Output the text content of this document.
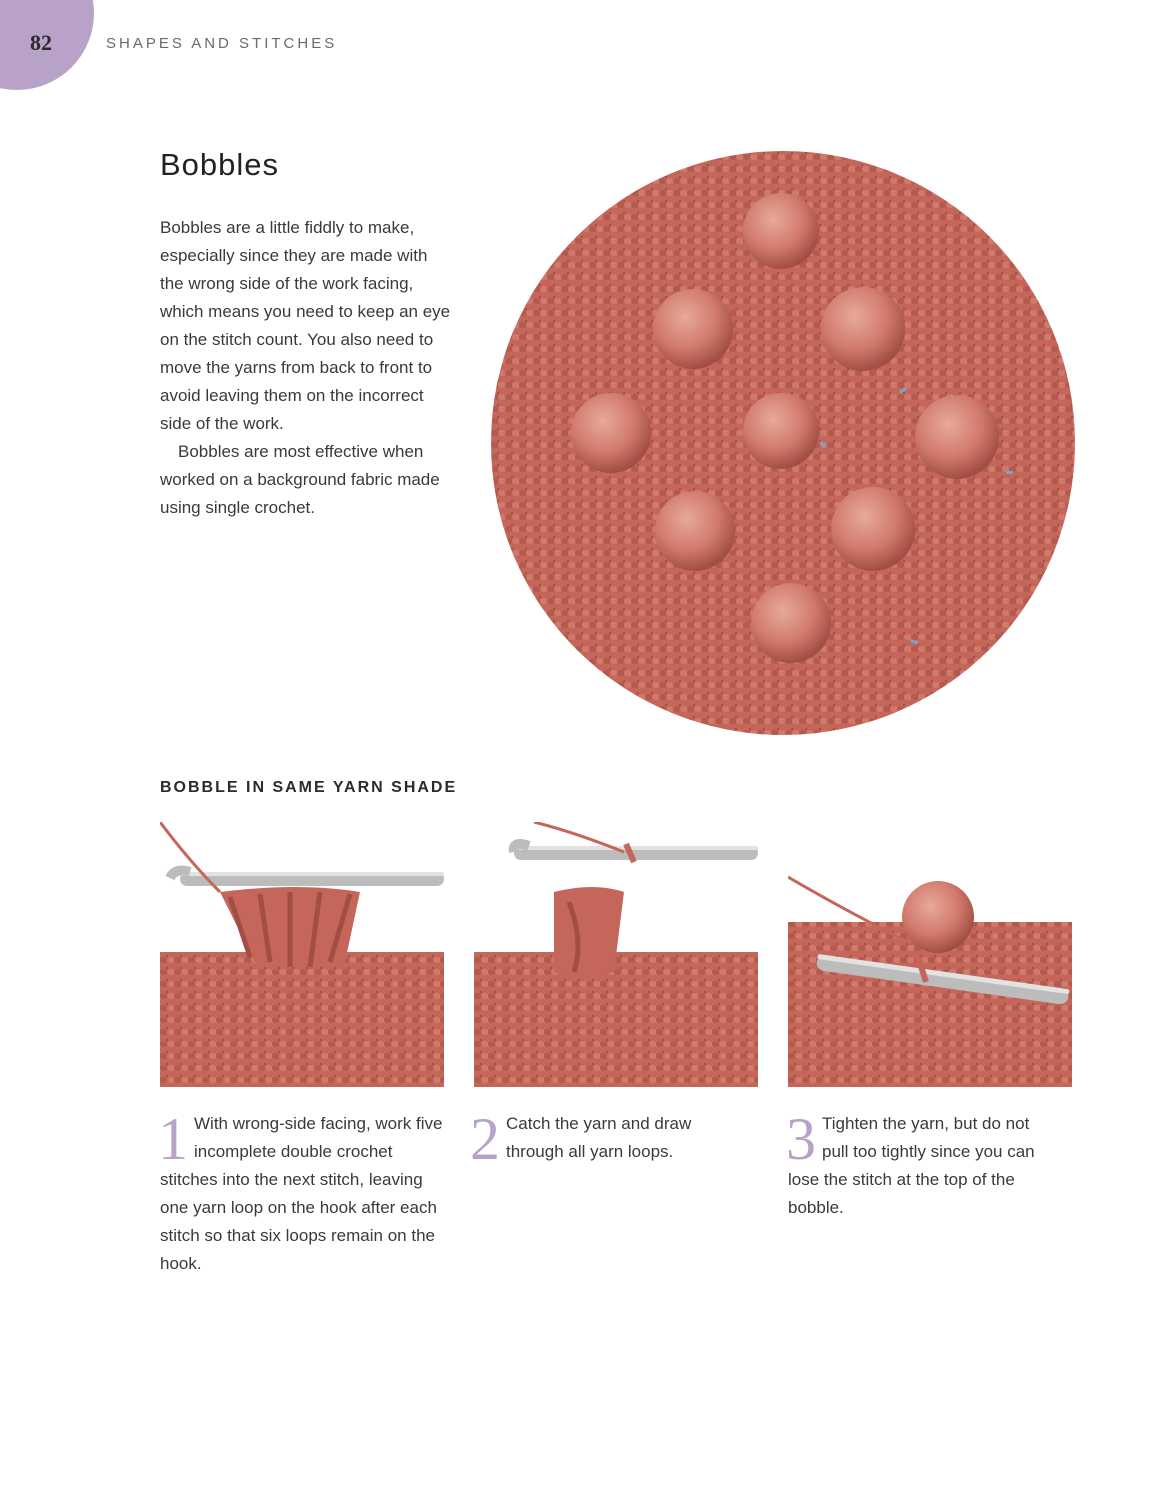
82	SHAPES AND STITCHES
Bobbles

Bobbles are a little fiddly to make, especially since they are made with the wrong side of the work facing, which means you need to keep an eye on the stitch count. You also need to move the yarns from back to front to avoid leaving them on the incorrect side of the work.

Bobbles are most effective when worked on a background fabric made using single crochet.

BOBBLE IN SAME YARN SHADE
1 With wrong-side facing, work five incomplete double crochet stitches into the next stitch, leaving one yarn loop on the hook after each stitch so that six loops remain on the hook.
2 Catch the yarn and draw through all yarn loops.	3 Tighten the yarn, but do not pull too tightly since you can lose the stitch at the top of the bobble.
